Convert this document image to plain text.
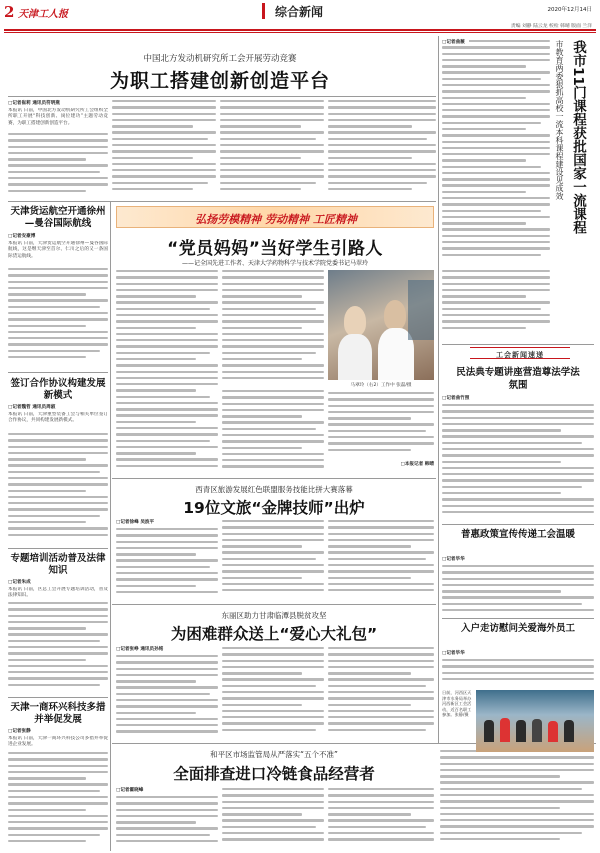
2 天津工人报	综合新闻	2020年12月14日
责编 刘静 陆云龙 校检 韩晴 版面 兰洋
中国北方发动机研究所工会开展劳动竞赛
为职工搭建创新创造平台
□记者崔莉 通讯员符明燕
本报讯 日前，中国北方发动机研究所工会组织全所职工开展“科技创新、岗位建功”主题劳动竞赛，为职工搭建创新创造平台。
天津货运航空开通徐州—曼谷国际航线
□记者安豪博
本报讯 日前，天津货运航空开通徐州—曼谷国际航线，这是继天津至首尔、仁川之后的又一条国际货运航线。
签订合作协议构建发展新模式
□记者魏哲 通讯员周淑
本报讯 日前，天津重型装备工会与相关单位签订合作协议，共同构建发展新模式。
专题培训活动普及法律知识
□记者朱成
本报讯 日前，区总工会开展专题培训活动，普及法律知识。
天津一商环兴科技多措并举促发展
□记者张静
本报讯 日前，天津一商环兴科技公司多措并举促进企业发展。
弘扬劳模精神 劳动精神 工匠精神
“党员妈妈”当好学生引路人
——记全国先进工作者、天津大学药物科学与技术学院党委书记马翠玲
马翠玲（右2）工作中 张磊/摄
□本报记者 韩晴
西青区旅游发展红色联盟服务技能比拼大赛落幕
19位文旅“金牌技师”出炉
□记者徐峰 吴波平
东丽区助力甘肃临潭县脱贫攻坚
为困难群众送上“爱心大礼包”
□记者张峥 通讯员孙铭
和平区市场监管局从严落实“五个不准”
全面排查进口冷链食品经营者
□记者霍晓峰
□记者曲薇	我市11门课程获批国家一流课程
市教育两委狠抓高校一流本科课程建设见成效
工会新闻速递
民法典专题讲座营造尊法学法氛围
□记者曲竹照
普惠政策宣传传递工会温暖
□记者毕华
入户走访慰问关爱海外员工
□记者毕华
日前，河西区天津市水务局举办河西新区工会活动，近百名职工参加。张静/摄
